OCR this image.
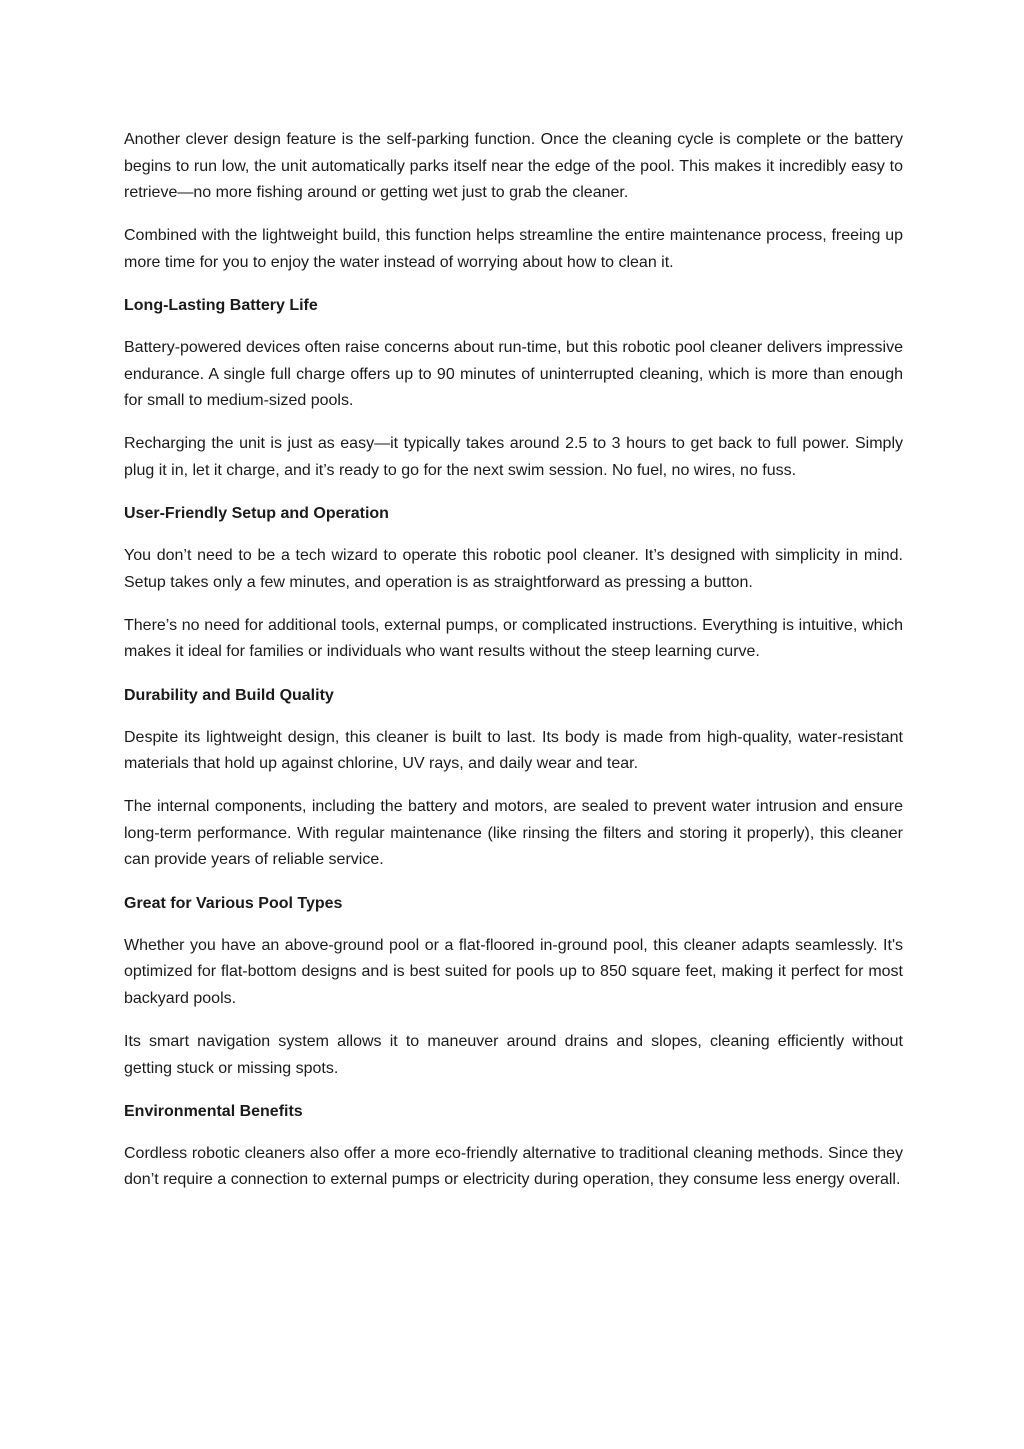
Another clever design feature is the self-parking function. Once the cleaning cycle is complete or the battery begins to run low, the unit automatically parks itself near the edge of the pool. This makes it incredibly easy to retrieve—no more fishing around or getting wet just to grab the cleaner.

Combined with the lightweight build, this function helps streamline the entire maintenance process, freeing up more time for you to enjoy the water instead of worrying about how to clean it.

Long-Lasting Battery Life

Battery-powered devices often raise concerns about run-time, but this robotic pool cleaner delivers impressive endurance. A single full charge offers up to 90 minutes of uninterrupted cleaning, which is more than enough for small to medium-sized pools.

Recharging the unit is just as easy—it typically takes around 2.5 to 3 hours to get back to full power. Simply plug it in, let it charge, and it’s ready to go for the next swim session. No fuel, no wires, no fuss.

User-Friendly Setup and Operation

You don’t need to be a tech wizard to operate this robotic pool cleaner. It’s designed with simplicity in mind. Setup takes only a few minutes, and operation is as straightforward as pressing a button.

There’s no need for additional tools, external pumps, or complicated instructions. Everything is intuitive, which makes it ideal for families or individuals who want results without the steep learning curve.

Durability and Build Quality

Despite its lightweight design, this cleaner is built to last. Its body is made from high-quality, water-resistant materials that hold up against chlorine, UV rays, and daily wear and tear.

The internal components, including the battery and motors, are sealed to prevent water intrusion and ensure long-term performance. With regular maintenance (like rinsing the filters and storing it properly), this cleaner can provide years of reliable service.

Great for Various Pool Types

Whether you have an above-ground pool or a flat-floored in-ground pool, this cleaner adapts seamlessly. It's optimized for flat-bottom designs and is best suited for pools up to 850 square feet, making it perfect for most backyard pools.

Its smart navigation system allows it to maneuver around drains and slopes, cleaning efficiently without getting stuck or missing spots.

Environmental Benefits

Cordless robotic cleaners also offer a more eco-friendly alternative to traditional cleaning methods. Since they don’t require a connection to external pumps or electricity during operation, they consume less energy overall.
